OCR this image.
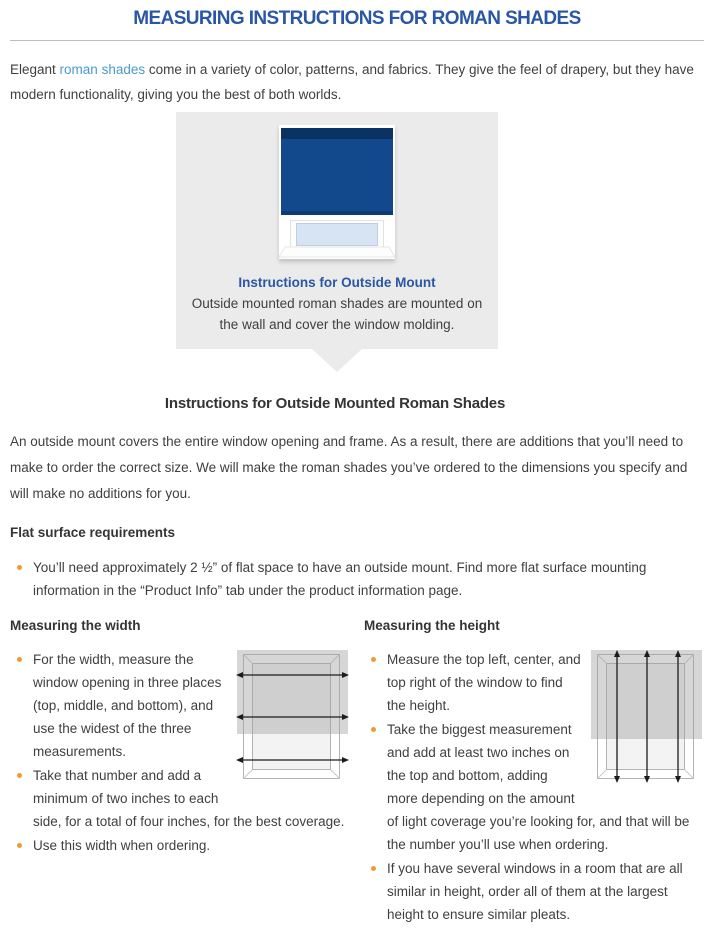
MEASURING INSTRUCTIONS FOR ROMAN SHADES

Elegant roman shades come in a variety of color, patterns, and fabrics. They give the feel of drapery, but they have modern functionality, giving you the best of both worlds.

Instructions for Outside Mount

Outside mounted roman shades are mounted on the wall and cover the window molding.

Instructions for Outside Mounted Roman Shades

An outside mount covers the entire window opening and frame. As a result, there are additions that you’ll need to make to order the correct size. We will make the roman shades you’ve ordered to the dimensions you specify and will make no additions for you.

Flat surface requirements
You’ll need approximately 2 ½” of flat space to have an outside mount. Find more flat surface mounting information in the “Product Info” tab under the product information page.
Measuring the width
For the width, measure the window opening in three places (top, middle, and bottom), and use the widest of the three measurements.
Take that number and add a minimum of two inches to each side, for a total of four inches, for the best coverage.
Use this width when ordering.
Measuring the height
Measure the top left, center, and top right of the window to find the height.
Take the biggest measurement and add at least two inches on the top and bottom, adding more depending on the amount of light coverage you’re looking for, and that will be the number you’ll use when ordering.
If you have several windows in a room that are all similar in height, order all of them at the largest height to ensure similar pleats.
